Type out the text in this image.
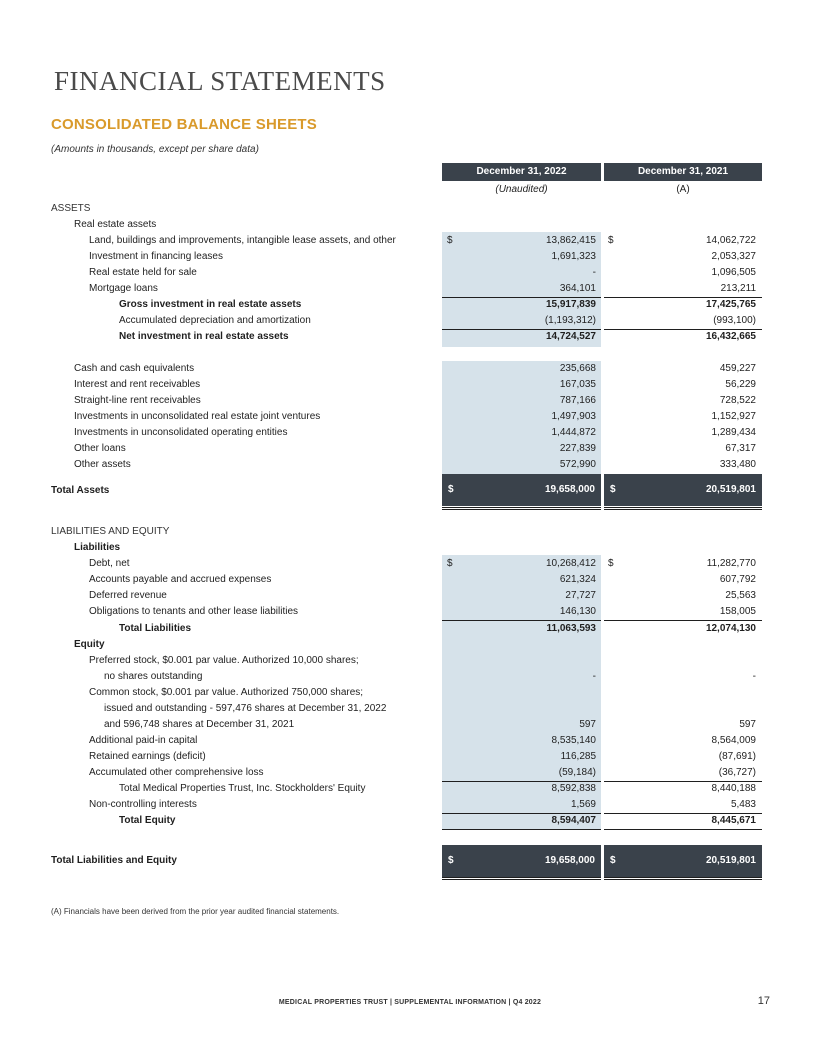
FINANCIAL STATEMENTS
CONSOLIDATED BALANCE SHEETS
(Amounts in thousands, except per share data)
December 31, 2022	December 31, 2021
(Unaudited)	(A)
ASSETS
Real estate assets
Land, buildings and improvements, intangible lease assets, and other	$	13,862,415 $	14,062,722
Investment in financing leases	1,691,323	2,053,327
Real estate held for sale	-	1,096,505
Mortgage loans	364,101	213,211
Gross investment in real estate assets	15,917,839	17,425,765
Accumulated depreciation and amortization	(1,193,312)	(993,100)
Net investment in real estate assets	14,724,527	16,432,665
Cash and cash equivalents	235,668	459,227
Interest and rent receivables	167,035	56,229
Straight-line rent receivables	787,166	728,522
Investments in unconsolidated real estate joint ventures	1,497,903	1,152,927
Investments in unconsolidated operating entities	1,444,872	1,289,434
Other loans	227,839	67,317
Other assets	572,990	333,480
Total Assets	$	19,658,000 $	20,519,801
LIABILITIES AND EQUITY
Liabilities
Debt, net	$	10,268,412 $	11,282,770
Accounts payable and accrued expenses	621,324	607,792
Deferred revenue	27,727	25,563
Obligations to tenants and other lease liabilities	146,130	158,005
Total Liabilities	11,063,593	12,074,130
Equity
Preferred stock, $0.001 par value. Authorized 10,000 shares;
no shares outstanding	-	-
Common stock, $0.001 par value. Authorized 750,000 shares;
issued and outstanding - 597,476 shares at December 31, 2022
and 596,748 shares at December 31, 2021	597	597
Additional paid-in capital	8,535,140	8,564,009
Retained earnings (deficit)	116,285	(87,691)
Accumulated other comprehensive loss	(59,184)	(36,727)
Total Medical Properties Trust, Inc. Stockholders' Equity	8,592,838	8,440,188
Non-controlling interests	1,569	5,483
Total Equity	8,594,407	8,445,671
Total Liabilities and Equity	$	19,658,000 $	20,519,801
(A) Financials have been derived from the prior year audited financial statements.
MEDICAL PROPERTIES TRUST | SUPPLEMENTAL INFORMATION | Q4 2022	17
